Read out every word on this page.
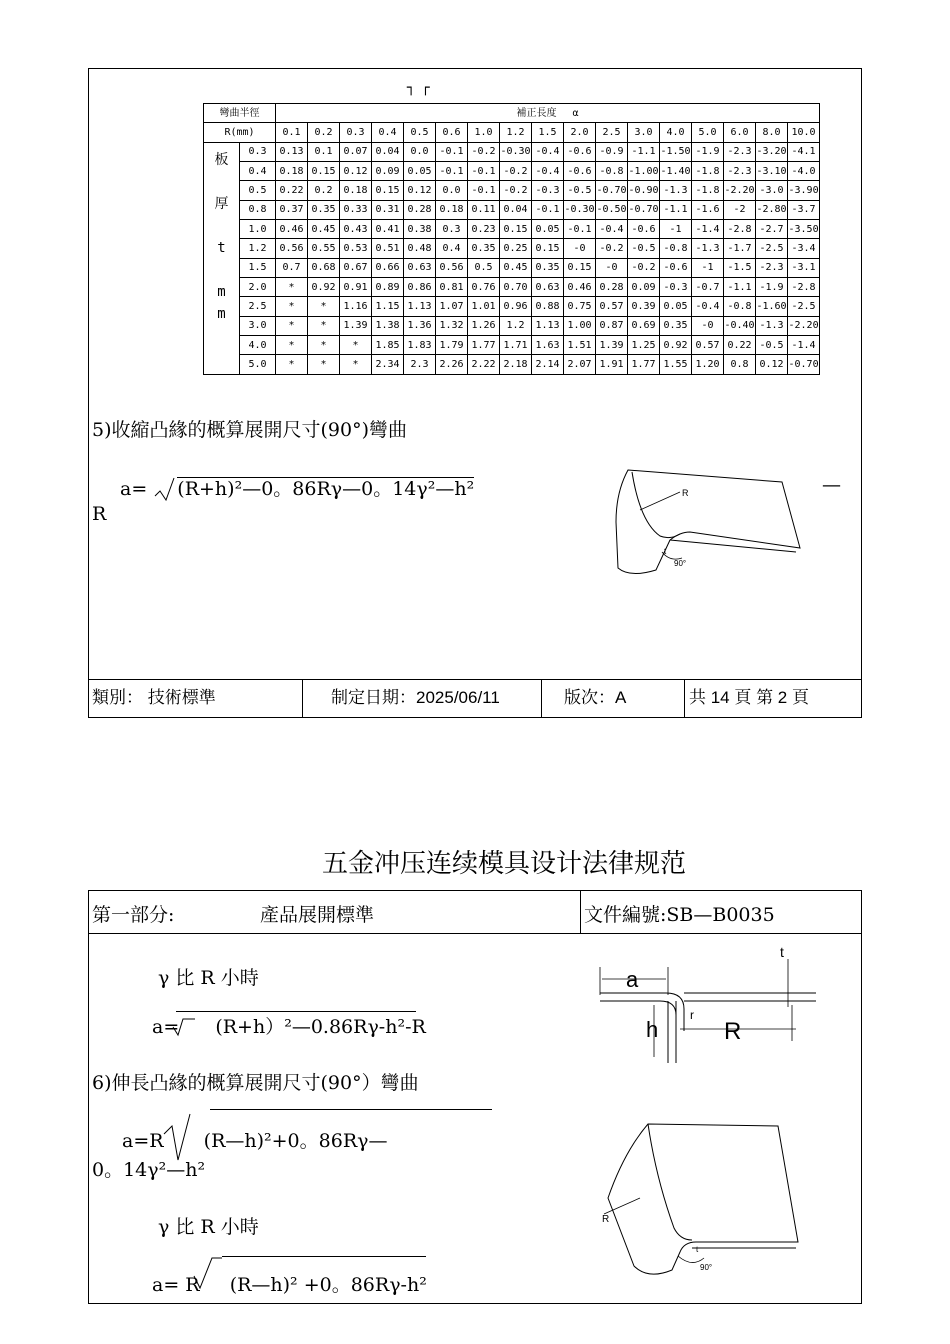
┐┌
彎曲半徑		補正長度 α																
R(mm)		0.1	0.2	0.3	0.4	0.5	0.6	1.0	1.2	1.5	2.0	2.5	3.0	4.0	5.0	6.0	8.0	10.0
板

厚

t

m
m	0.3	0.13	0.1	0.07	0.04	0.0	-0.1	-0.2	-0.30	-0.4	-0.6	-0.9	-1.1	-1.50	-1.9	-2.3	-3.20	-4.1
	0.4	0.18	0.15	0.12	0.09	0.05	-0.1	-0.1	-0.2	-0.4	-0.6	-0.8	-1.00	-1.40	-1.8	-2.3	-3.10	-4.0
	0.5	0.22	0.2	0.18	0.15	0.12	0.0	-0.1	-0.2	-0.3	-0.5	-0.70	-0.90	-1.3	-1.8	-2.20	-3.0	-3.90
	0.8	0.37	0.35	0.33	0.31	0.28	0.18	0.11	0.04	-0.1	-0.30	-0.50	-0.70	-1.1	-1.6	-2	-2.80	-3.7
	1.0	0.46	0.45	0.43	0.41	0.38	0.3	0.23	0.15	0.05	-0.1	-0.4	-0.6	-1	-1.4	-2.8	-2.7	-3.50
	1.2	0.56	0.55	0.53	0.51	0.48	0.4	0.35	0.25	0.15	-0	-0.2	-0.5	-0.8	-1.3	-1.7	-2.5	-3.4
	1.5	0.7	0.68	0.67	0.66	0.63	0.56	0.5	0.45	0.35	0.15	-0	-0.2	-0.6	-1	-1.5	-2.3	-3.1
	2.0	*	0.92	0.91	0.89	0.86	0.81	0.76	0.70	0.63	0.46	0.28	0.09	-0.3	-0.7	-1.1	-1.9	-2.8
	2.5	*	*	1.16	1.15	1.13	1.07	1.01	0.96	0.88	0.75	0.57	0.39	0.05	-0.4	-0.8	-1.60	-2.5
	3.0	*	*	1.39	1.38	1.36	1.32	1.26	1.2	1.13	1.00	0.87	0.69	0.35	-0	-0.40	-1.3	-2.20
	4.0	*	*	*	1.85	1.83	1.79	1.77	1.71	1.63	1.51	1.39	1.25	0.92	0.57	0.22	-0.5	-1.4
	5.0	*	*	*	2.34	2.3	2.26	2.22	2.18	2.14	2.07	1.91	1.77	1.55	1.20	0.8	0.12	-0.70
5)收縮凸緣的概算展開尺寸(90°)彎曲
a= (R+h)²—0。86Rγ—0。14γ²—h²	—
R
R
90°
t
類別： 技術標準	制定日期：2025/06/11	版次：A	共 14 頁 第 2 頁
五金冲压连续模具设计法律规范
第一部分:	產品展開標準	文件編號:SB—B0035
γ 比 R 小時
a= (R+h）²—0.86Rγ-h²-R
a
R
h
t
r
6)伸長凸緣的概算展開尺寸(90°）彎曲
a=R (R—h)²+0。86Rγ—
0。14γ²—h²
R
90°
t
γ 比 R 小時
a= R (R—h)² +0。86Rγ-h²
